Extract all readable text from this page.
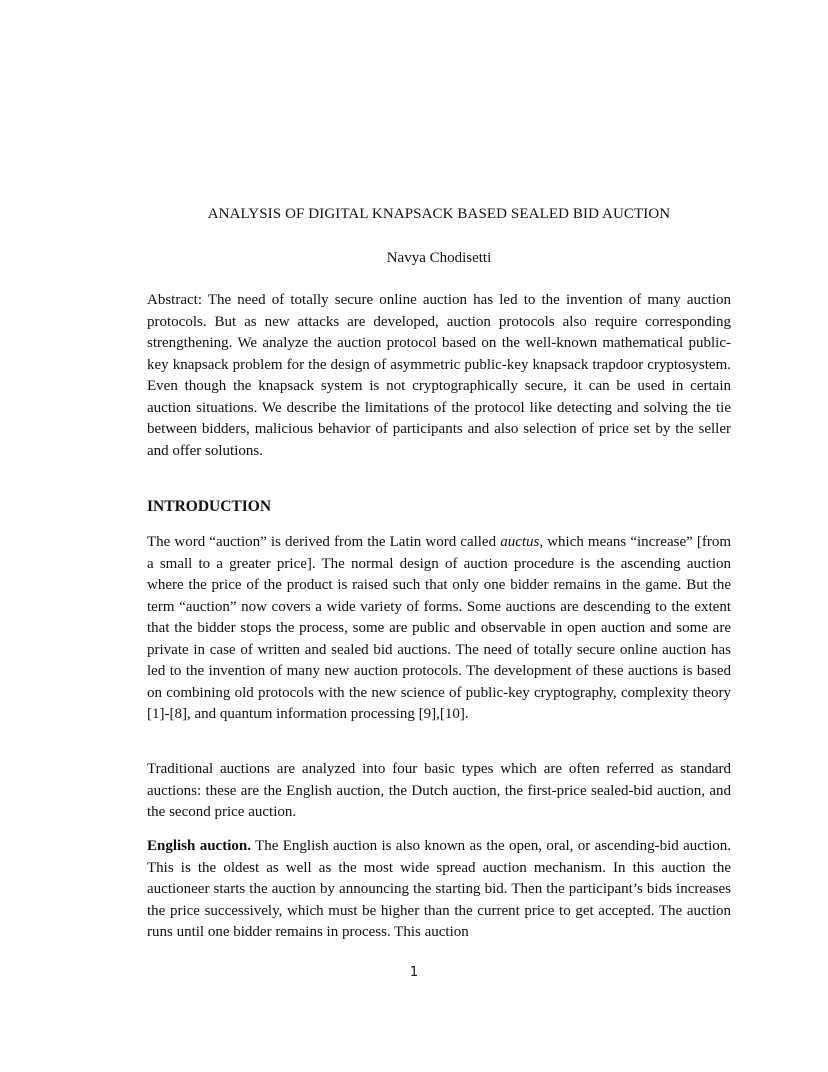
ANALYSIS OF DIGITAL KNAPSACK BASED SEALED BID AUCTION
Navya Chodisetti
Abstract: The need of totally secure online auction has led to the invention of many auction protocols. But as new attacks are developed, auction protocols also require corresponding strengthening. We analyze the auction protocol based on the well-known mathematical public-key knapsack problem for the design of asymmetric public-key knapsack trapdoor cryptosystem. Even though the knapsack system is not cryptographically secure, it can be used in certain auction situations. We describe the limitations of the protocol like detecting and solving the tie between bidders, malicious behavior of participants and also selection of price set by the seller and offer solutions.
INTRODUCTION
The word “auction” is derived from the Latin word called auctus, which means “increase” [from a small to a greater price]. The normal design of auction procedure is the ascending auction where the price of the product is raised such that only one bidder remains in the game. But the term “auction” now covers a wide variety of forms. Some auctions are descending to the extent that the bidder stops the process, some are public and observable in open auction and some are private in case of written and sealed bid auctions. The need of totally secure online auction has led to the invention of many new auction protocols. The development of these auctions is based on combining old protocols with the new science of public-key cryptography, complexity theory [1]-[8], and quantum information processing [9],[10].
Traditional auctions are analyzed into four basic types which are often referred as standard auctions: these are the English auction, the Dutch auction, the first-price sealed-bid auction, and the second price auction.
English auction. The English auction is also known as the open, oral, or ascending-bid auction. This is the oldest as well as the most wide spread auction mechanism. In this auction the auctioneer starts the auction by announcing the starting bid. Then the participant’s bids increases the price successively, which must be higher than the current price to get accepted. The auction runs until one bidder remains in process. This auction
1
